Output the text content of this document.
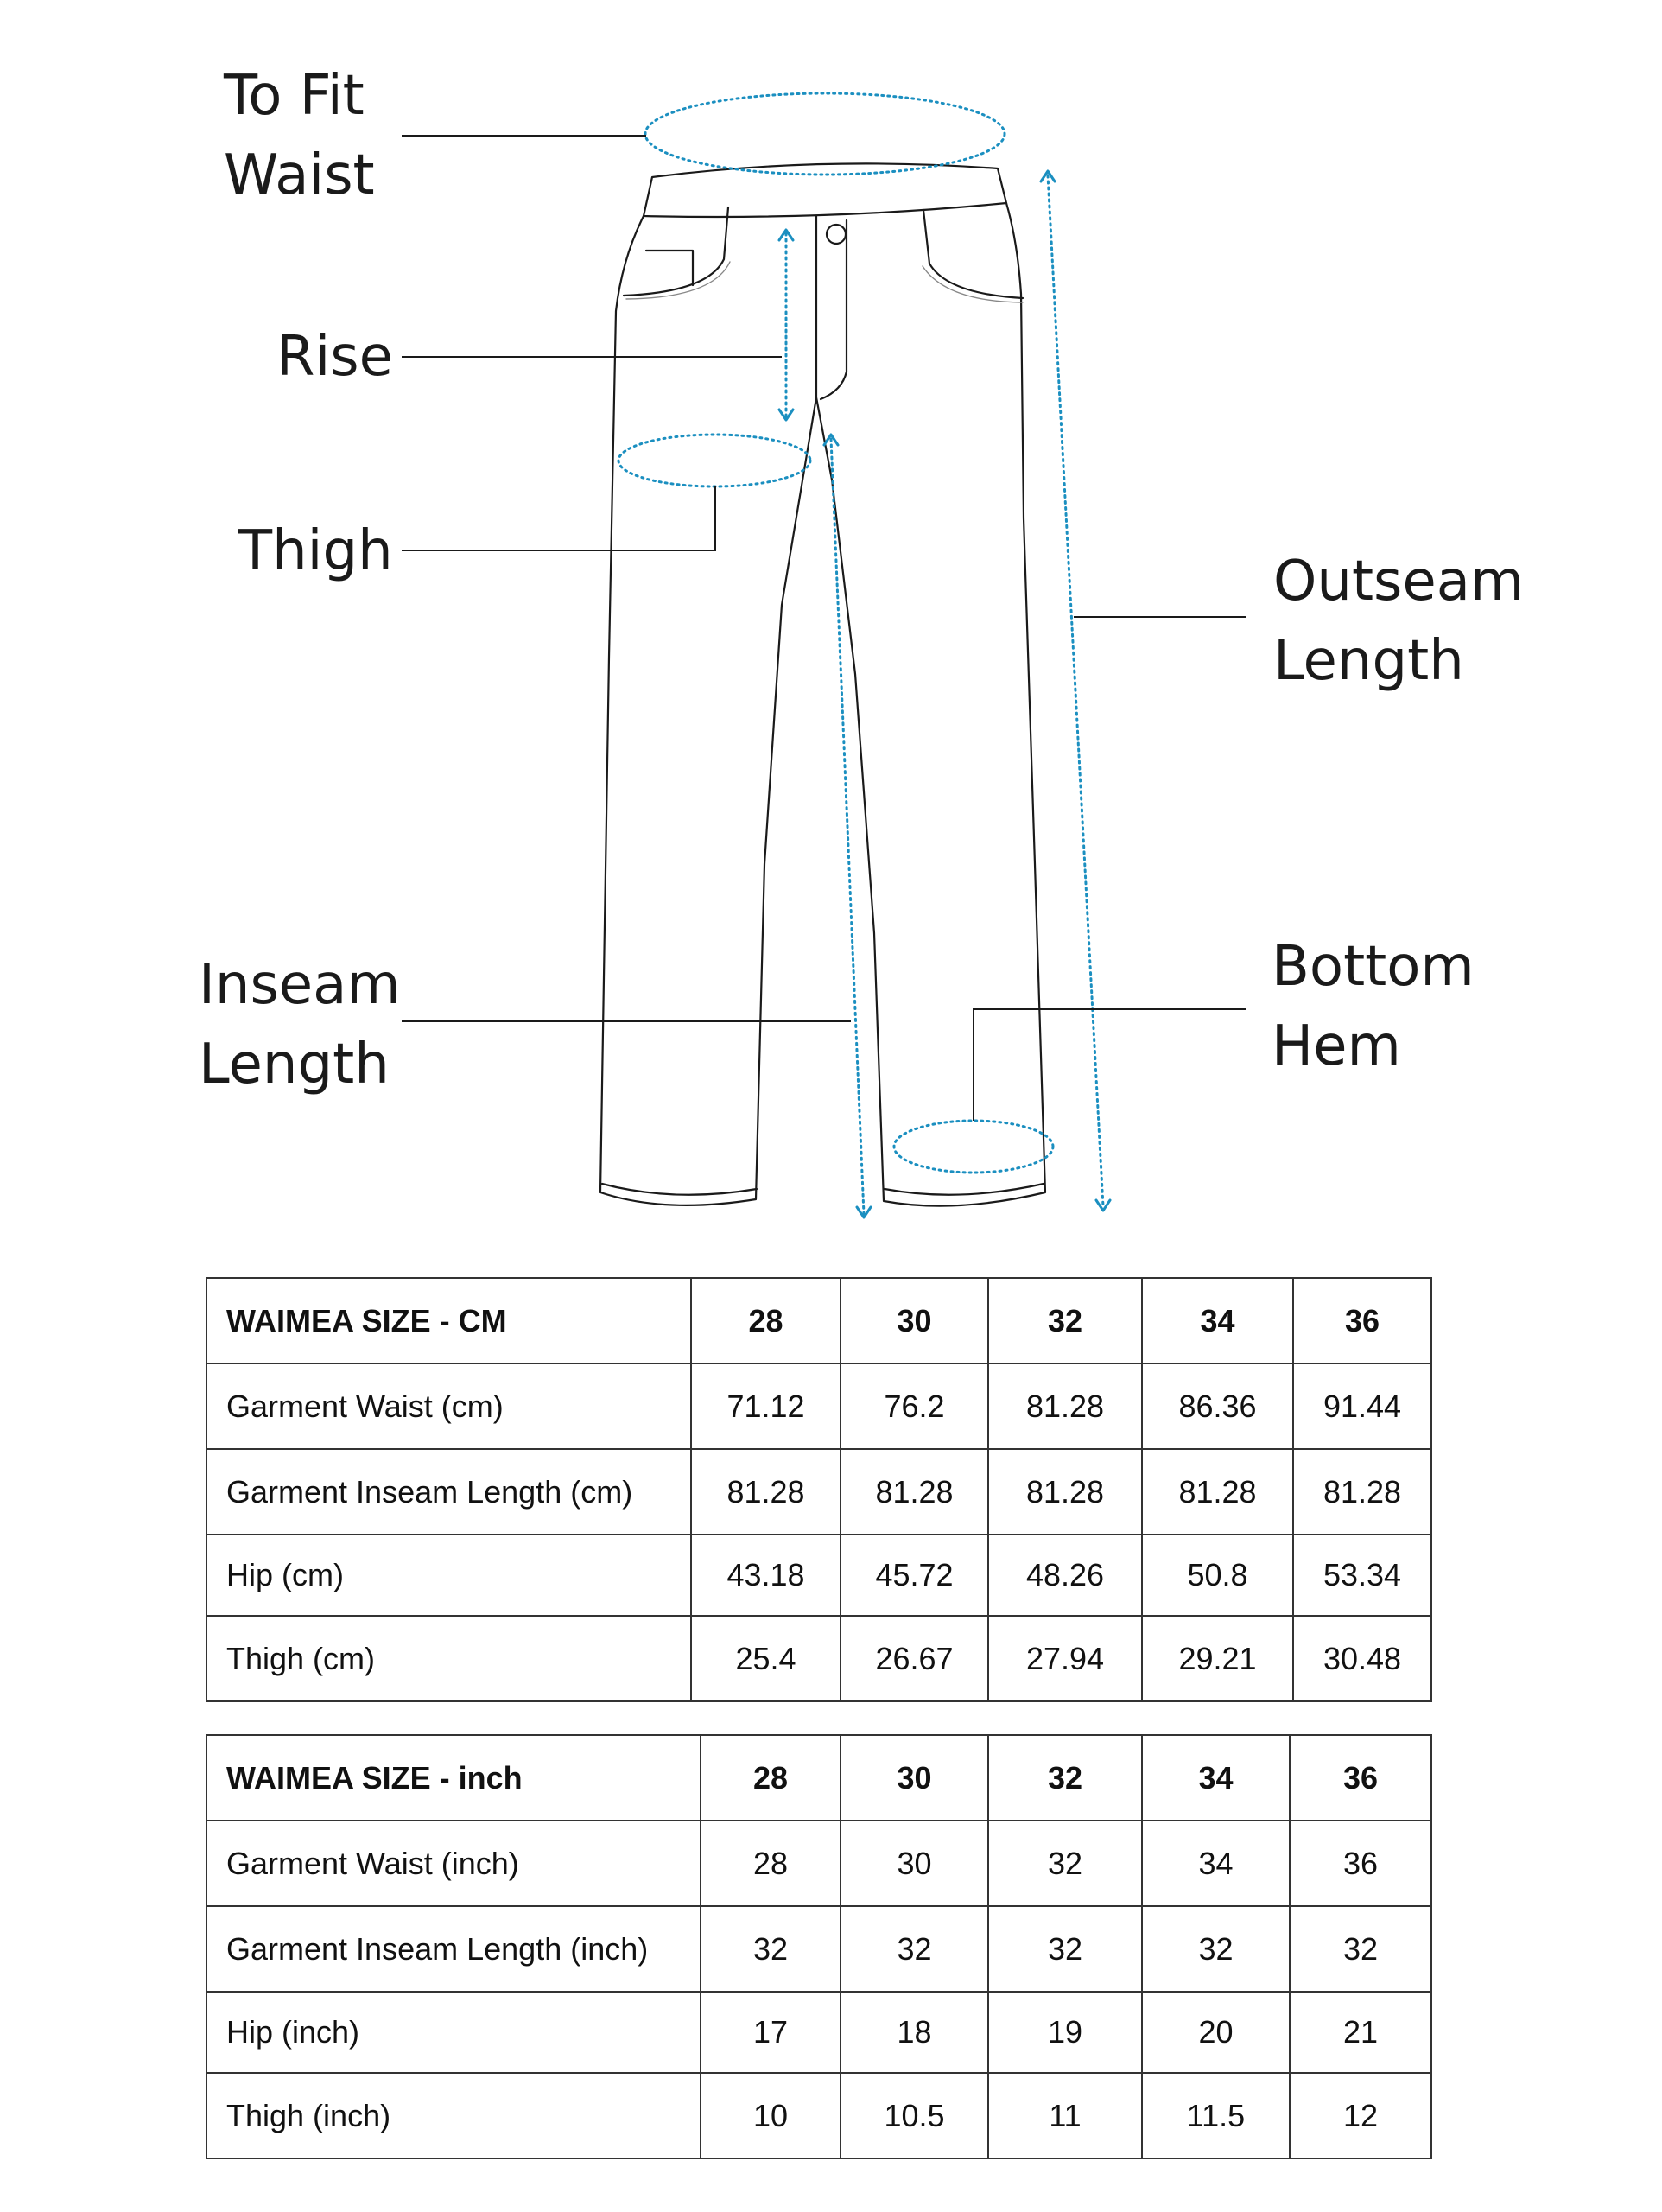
To Fit
Waist
Rise
Thigh	Outseam
Length
Inseam
Length
Bottom
Hem
WAIMEA SIZE - CM	28	30	32	34	36
Garment Waist (cm)	71.12	76.2	81.28	86.36	91.44
Garment Inseam Length (cm)	81.28	81.28	81.28	81.28	81.28
Hip (cm)	43.18	45.72	48.26	50.8	53.34
Thigh (cm)	25.4	26.67	27.94	29.21	30.48
WAIMEA SIZE - inch	28	30	32	34	36
Garment Waist (inch)	28	30	32	34	36
Garment Inseam Length (inch)	32	32	32	32	32
Hip (inch)	17	18	19	20	21
Thigh (inch)	10	10.5	11	11.5	12
